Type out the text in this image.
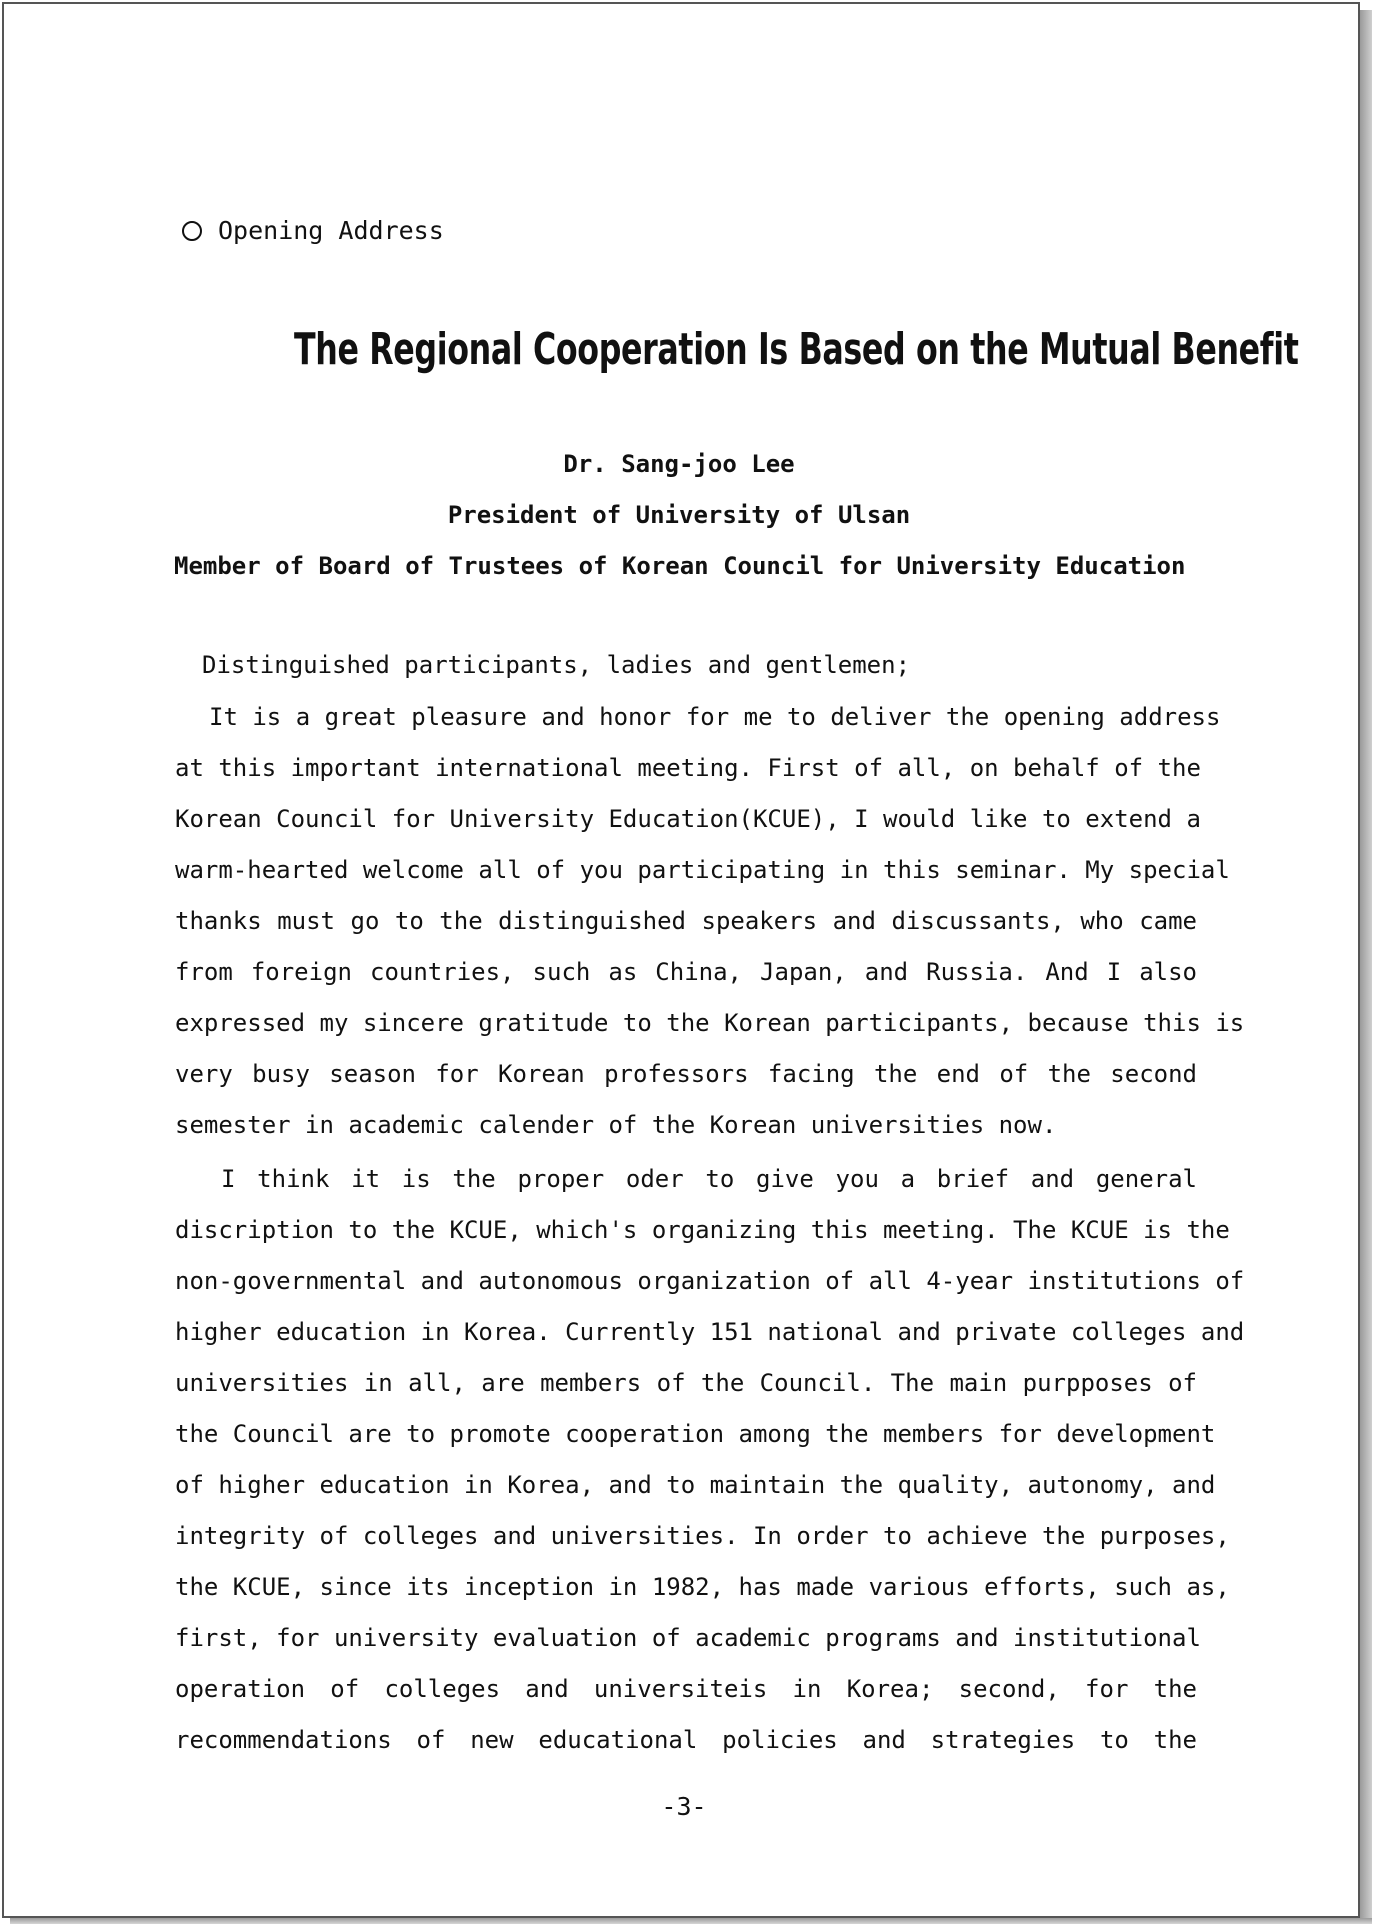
Opening Address
The Regional Cooperation Is Based on the Mutual Benefit
Dr. Sang-joo Lee
President of University of Ulsan
Member of Board of Trustees of Korean Council for University Education
Distinguished participants, ladies and gentlemen;
It is a great pleasure and honor for me to deliver the opening address
at this important international meeting. First of all, on behalf of the
Korean Council for University Education(KCUE), I would like to extend a
warm-hearted welcome all of you participating in this seminar. My special
thanks must go to the distinguished speakers and discussants, who came
from foreign countries, such as China, Japan, and Russia. And I also
expressed my sincere gratitude to the Korean participants, because this is
very busy season for Korean professors facing the end of the second
semester in academic calender of the Korean universities now.
I think it is the proper oder to give you a brief and general
discription to the KCUE, which's organizing this meeting. The KCUE is the
non-governmental and autonomous organization of all 4-year institutions of
higher education in Korea. Currently 151 national and private colleges and
universities in all, are members of the Council. The main purpposes of
the Council are to promote cooperation among the members for development
of higher education in Korea, and to maintain the quality, autonomy, and
integrity of colleges and universities. In order to achieve the purposes,
the KCUE, since its inception in 1982, has made various efforts, such as,
first, for university evaluation of academic programs and institutional
operation of colleges and universiteis in Korea; second, for the
recommendations of new educational policies and strategies to the
-3-
